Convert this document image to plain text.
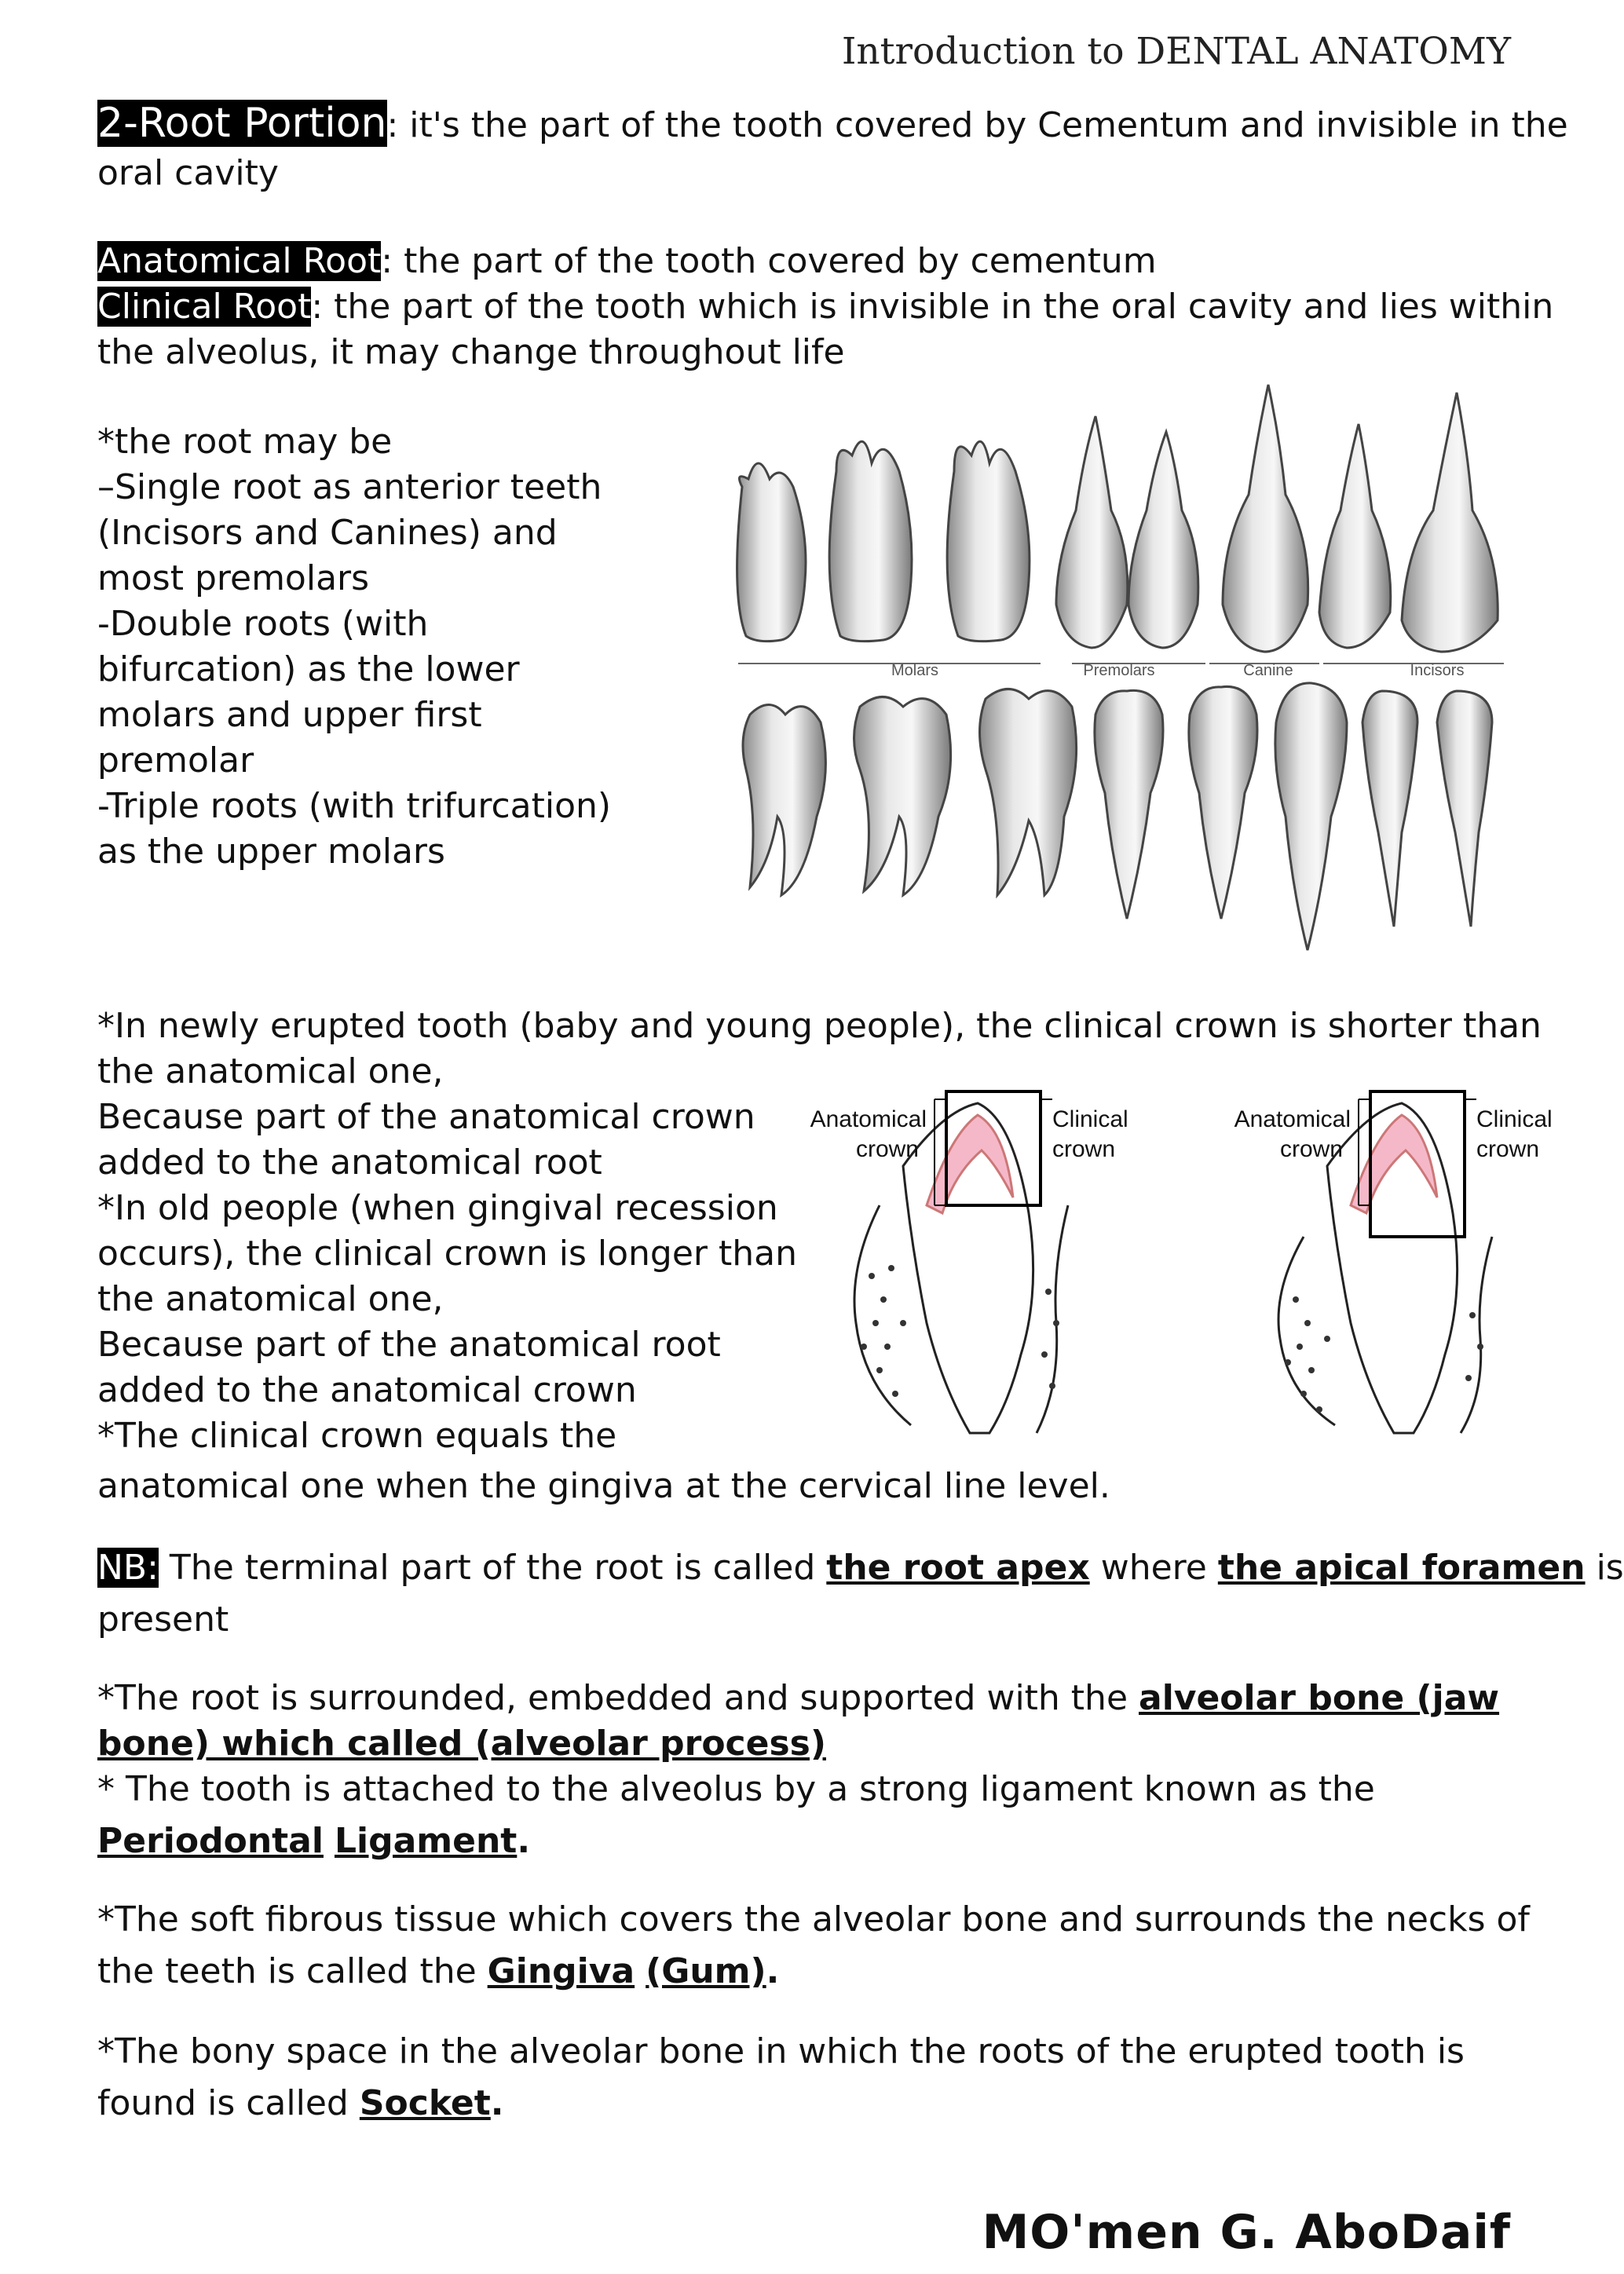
Introduction to DENTAL ANATOMY
2-Root Portion: it's the part of the tooth covered by Cementum and invisible in the
oral cavity
Anatomical Root: the part of the tooth covered by cementum
Clinical Root: the part of the tooth which is invisible in the oral cavity and lies within
the alveolus, it may change throughout life
*the root may be
–Single root as anterior teeth
(Incisors and Canines) and
most premolars
-Double roots (with
bifurcation) as the lower
molars and upper first
premolar
-Triple roots (with trifurcation)
as the upper molars
Molars	Premolars	Canine	Incisors
*In newly erupted tooth (baby and young people), the clinical crown is shorter than
the anatomical one,
Because part of the anatomical crown
added to the anatomical root
*In old people (when gingival recession
occurs), the clinical crown is longer than
the anatomical one,
Because part of the anatomical root
added to the anatomical crown
*The clinical crown equals the
anatomical one when the gingiva at the cervical line level.
Anatomical
crown
Clinical
crown
Anatomical
crown
Clinical
crown
NB: The terminal part of the root is called the root apex where the apical foramen is
present
*The root is surrounded, embedded and supported with the alveolar bone (jaw
bone) which called (alveolar process)
* The tooth is attached to the alveolus by a strong ligament known as the
Periodontal Ligament.
*The soft fibrous tissue which covers the alveolar bone and surrounds the necks of
the teeth is called the Gingiva (Gum).
*The bony space in the alveolar bone in which the roots of the erupted tooth is
found is called Socket.
MO'men G. AboDaif
